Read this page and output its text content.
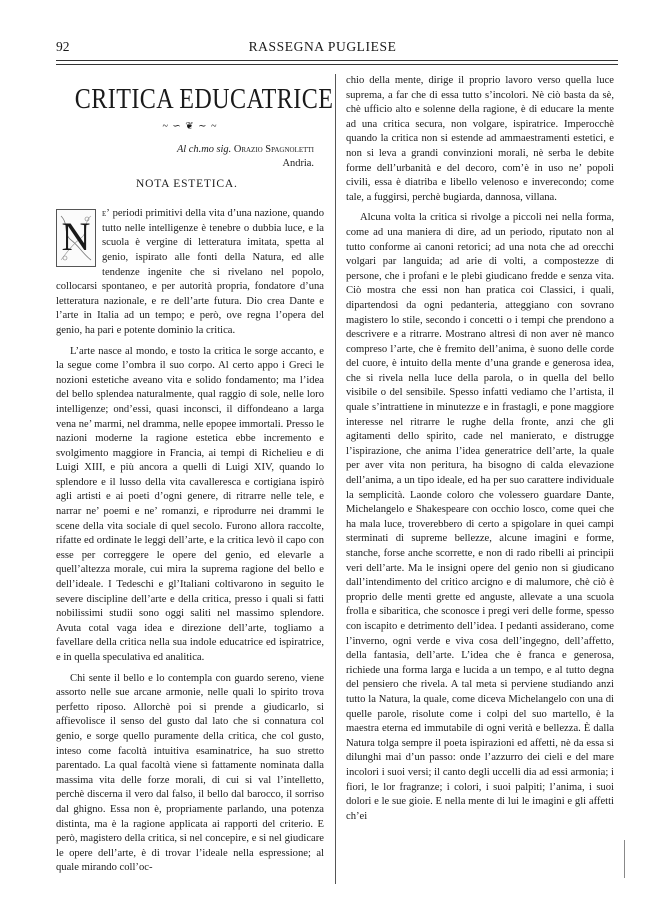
92	RASSEGNA PUGLIESE
CRITICA EDUCATRICE
~ ∽ ❦ ∼ ~
Al ch.mo sig. Orazio Spagnoletti
Andria.
NOTA ESTETICA.

N
e’ periodi primitivi della vita d’una nazione, quando tutto nelle intelligenze è tenebre o dubbia luce, e la scuola è vergine di letteratura imitata, spetta al genio, ispirato alle fonti della Natura, ed alle tendenze ingenite che si rivelano nel popolo, collocarsi spontaneo, e per autorità propria, fondatore d’una letteratura nazionale, e re dell’arte futura. Dio crea Dante e l’arte in Italia ad un tempo; e però, ove regna l’opera del genio, ha pari e potente dominio la critica.

L’arte nasce al mondo, e tosto la critica le sorge accanto, e la segue come l’ombra il suo corpo. Al certo appo i Greci le nozioni estetiche aveano vita e solido fondamento; ma l’idea del bello splendea naturalmente, qual raggio di sole, nelle loro intelligenze; ond’essi, quasi inconsci, il diffondeano a larga vena ne’ marmi, nel dramma, nelle epopee immortali. Presso le nazioni moderne la ragione estetica ebbe incremento e svolgimento maggiore in Francia, ai tempi di Richelieu e di Luigi XIII, e più ancora a quelli di Luigi XIV, quando lo splendore e il lusso della vita cavalleresca e cortigiana ispirò agli artisti e ai poeti d’ogni genere, di ritrarre nelle tele, e narrar ne’ poemi e ne’ romanzi, e riprodurre nei drammi le scene della vita sociale di quel secolo. Furono allora raccolte, rifatte ed ordinate le leggi dell’arte, e la critica levò il capo con esse per correggere le opere del genio, ed elevarle a quell’altezza morale, cui mira la suprema ragione del bello e dell’ideale. I Tedeschi e gl’Italiani coltivarono in seguito le severe discipline dell’arte e della critica, presso i quali si fatti nobilissimi studii sono oggi saliti nel massimo splendore. Avuta cotal vaga idea e direzione dell’arte, togliamo a favellare della critica nella sua indole educatrice ed ispiratrice, e in quella speculativa ed analitica.

Chi sente il bello e lo contempla con guardo sereno, viene assorto nelle sue arcane armonie, nelle quali lo spirito trova perfetto riposo. Allorchè poi si prende a giudicarlo, si affievolisce il senso del gusto dal lato che si connatura col genio, e sorge quello puramente della critica, che col gusto, inteso come facoltà intuitiva esaminatrice, ha suo stretto parentado. La qual facoltà viene sì fattamente nominata dalla massima vita delle forze morali, di cui si val l’intelletto, perchè discerna il vero dal falso, il bello dal barocco, il sorriso dal ghigno. Essa non è, propriamente parlando, una potenza distinta, ma è la ragione applicata ai rapporti del criterio. E però, magistero della critica, si nel concepire, e si nel giudicare le opere dell’arte, è di trovar l’ideale nella espressione; al quale mirando coll’oc-

chio della mente, dirige il proprio lavoro verso quella luce suprema, a far che di essa tutto s’incolori. Nè ciò basta da sè, chè ufficio alto e solenne della ragione, è di educare la mente ad una critica secura, non volgare, ispiratrice. Imperocchè quando la critica non si estende ad ammaestramenti estetici, e non si leva a grandi convinzioni morali, nè serba le debite forme dell’urbanità e del decoro, com’è in uso ne’ popoli civili, essa è diatriba e libello velenoso e inverecondo; come tale, a fuggirsi, perchè bugiarda, dannosa, villana.

Alcuna volta la critica si rivolge a piccoli nei nella forma, come ad una maniera di dire, ad un periodo, riputato non al tutto conforme ai canoni retorici; ad una nota che ad orecchi volgari par languida; ad arie di volti, a compostezze di persone, che i profani e le plebi giudicano fredde e senza vita. Ciò mostra che essi non han pratica coi Classici, i quali, dipartendosi da ogni pedanteria, atteggiano con sovrano magistero lo stile, secondo i concetti o i tempi che prendono a descrivere e a ritrarre. Mostrano altresì di non aver nè manco compreso l’arte, che è fremito dell’anima, è suono delle corde del cuore, è intuito della mente d’una grande e generosa idea, che si rivela nella luce della parola, o in quella del bello visibile o del sensibile. Spesso infatti vediamo che l’artista, il quale s’intrattiene in minutezze e in frastagli, e pone maggiore interesse nel ritrarre le rughe della fronte, anzi che gli agitamenti dello spirito, cade nel manierato, e distrugge l’ispirazione, che anima l’idea generatrice dell’arte, la quale per aver vita non peritura, ha bisogno di calda elevazione dell’anima, a un tipo ideale, ed ha per suo carattere individuale la semplicità. Laonde coloro che volessero guardare Dante, Michelangelo e Shakespeare con occhio losco, come quei che ha mala luce, troverebbero di certo a spigolare in quei campi sterminati di supreme bellezze, alcune imagini e forme, stanche, forse anche scorrette, e non di rado ribelli ai principii veri dell’arte. Ma le insigni opere del genio non si giudicano dall’intendimento del critico arcigno e di malumore, chè ciò è proprio delle menti grette ed anguste, allevate a una scuola frolla e sibaritica, che sconosce i pregi veri delle forme, spesso con iscapito e detrimento dell’idea. I pedanti assiderano, come l’inverno, ogni verde e viva cosa dell’ingegno, dell’affetto, della fantasia, dell’arte. L’idea che è franca e generosa, richiede una forma larga e lucida a un tempo, e al tutto degna del pensiero che rivela. A tal meta si perviene studiando anzi tutto la Natura, la quale, come diceva Michelangelo con una di quelle parole, risolute come i colpi del suo martello, è la maestra eterna ed immutabile di ogni verità e bellezza. È dalla Natura tolga sempre il poeta ispirazioni ed affetti, nè da essa si dilunghi mai d’un passo: onde l’azzurro dei cieli e del mare incolori i suoi versi; il canto degli uccelli dia ad essi armonia; i fiori, le lor fragranze; i colori, i suoi palpiti; l’anima, i suoi dolori e le sue gioie. E nella mente di lui le imagini e gli affetti ch’ei
